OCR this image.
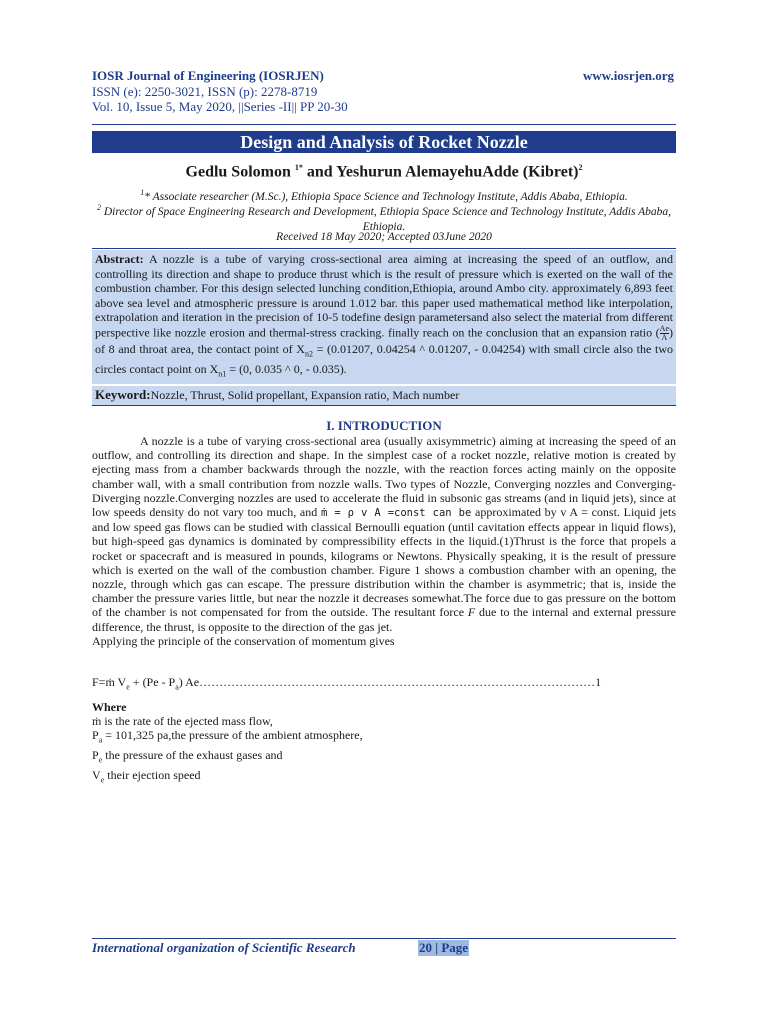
IOSR Journal of Engineering (IOSRJEN)	www.iosrjen.org
ISSN (e): 2250-3021, ISSN (p): 2278-8719
Vol. 10, Issue 5, May 2020, ||Series -II|| PP 20-30
Design and Analysis of Rocket Nozzle
Gedlu Solomon $^{1*}$ and Yeshurun AlemayehuAdde (Kibret)$^2$
$^1$* Associate researcher (M.Sc.), Ethiopia Space Science and Technology Institute, Addis Ababa, Ethiopia.
$^2$ Director of Space Engineering Research and Development, Ethiopia Space Science and Technology Institute, Addis Ababa, Ethiopia.
Received 18 May 2020; Accepted 03June 2020
Abstract: A nozzle is a tube of varying cross-sectional area aiming at increasing the speed of an outflow, and controlling its direction and shape to produce thrust which is the result of pressure which is exerted on the wall of the combustion chamber. For this design selected lunching condition,Ethiopia, around Ambo city. approximately 6,893 feet above sea level and atmospheric pressure is around 1.012 bar. this paper used mathematical method like interpolation, extrapolation and iteration in the precision of 10-5 todefine design parametersand also select the material from different perspective like nozzle erosion and thermal-stress cracking. finally reach on the conclusion that an expansion ratio ( $\frac{Ae}{A}$ ) of 8 and throat area, the contact point of $X_{n2} = (0.01207$, 0.04254 ^ 0.01207, - 0.04254) with small circle also the two circles contact point on $X_{n1} = (0$, 0.035 ^ 0, - 0.035).
Keyword:Nozzle, Thrust, Solid propellant, Expansion ratio, Mach number
I. INTRODUCTION
A nozzle is a tube of varying cross-sectional area (usually axisymmetric) aiming at increasing the speed of an outflow, and controlling its direction and shape. In the simplest case of a rocket nozzle, relative motion is created by ejecting mass from a chamber backwards through the nozzle, with the reaction forces acting mainly on the opposite chamber wall, with a small contribution from nozzle walls. Two types of Nozzle, Converging nozzles and Converging-Diverging nozzle.Converging nozzles are used to accelerate the fluid in subsonic gas streams (and in liquid jets), since at low speeds density do not vary too much, and ṁ = ρ v A =const can be approximated by v A = const. Liquid jets and low speed gas flows can be studied with classical Bernoulli equation (until cavitation effects appear in liquid flows), but high-speed gas dynamics is dominated by compressibility effects in the liquid.(1)Thrust is the force that propels a rocket or spacecraft and is measured in pounds, kilograms or Newtons. Physically speaking, it is the result of pressure which is exerted on the wall of the combustion chamber. Figure 1 shows a combustion chamber with an opening, the nozzle, through which gas can escape. The pressure distribution within the chamber is asymmetric; that is, inside the chamber the pressure varies little, but near the nozzle it decreases somewhat.The force due to gas pressure on the bottom of the chamber is not compensated for from the outside. The resultant force F due to the internal and external pressure difference, the thrust, is opposite to the direction of the gas jet.
Applying the principle of the conservation of momentum gives
F=ṁ $V_e + (Pe - P_a)$ Ae………………………………………………………………………………………1
Where
ṁ is the rate of the ejected mass flow,
$P_a = 101,325$ pa,the pressure of the ambient atmosphere,
$P_e$ the pressure of the exhaust gases and
$V_e$ their ejection speed
International organization of Scientific Research	20 | Page
